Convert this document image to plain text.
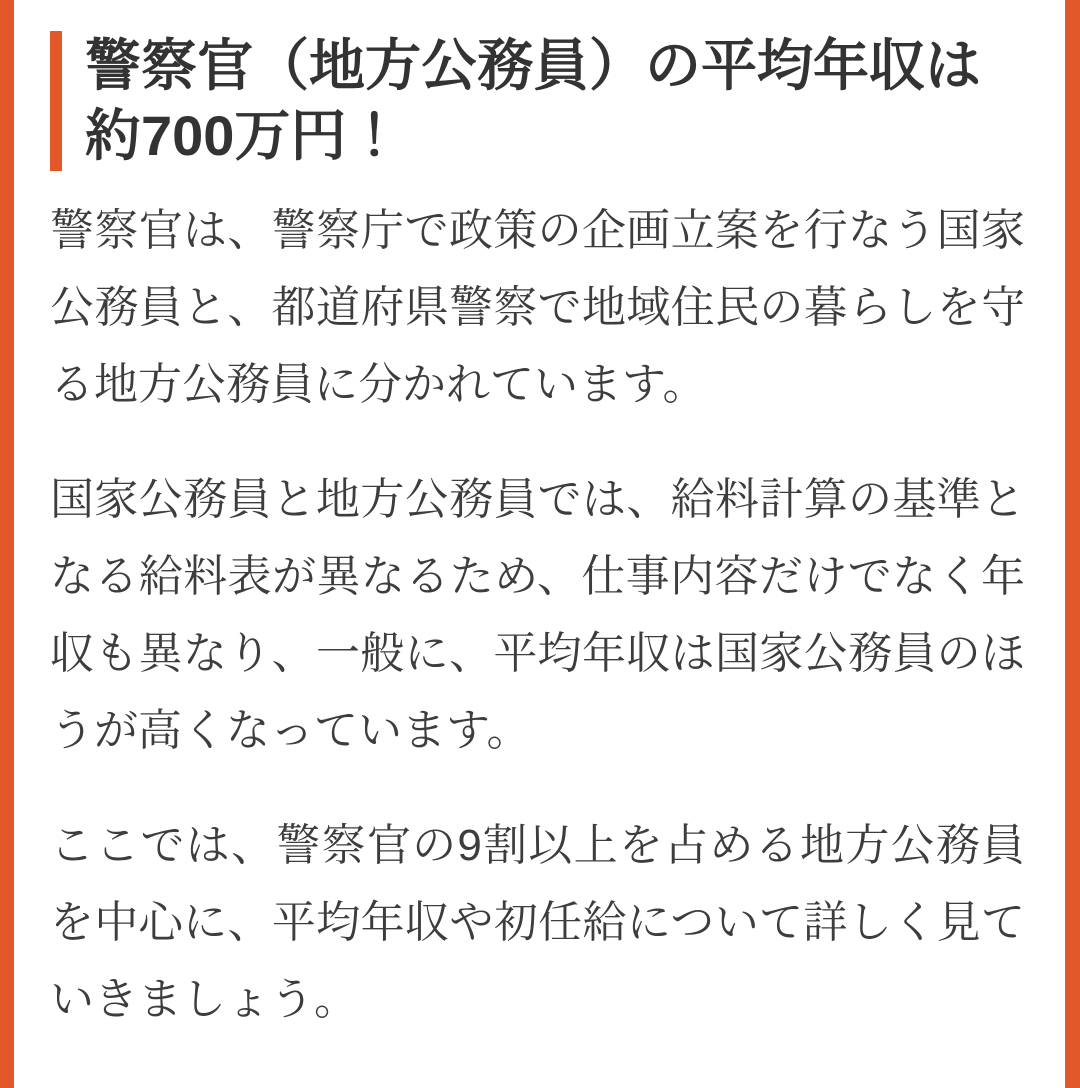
警察官（地方公務員）の平均年収は約700万円！

警察官は、警察庁で政策の企画立案を行なう国家公務員と、都道府県警察で地域住民の暮らしを守る地方公務員に分かれています。

国家公務員と地方公務員では、給料計算の基準となる給料表が異なるため、仕事内容だけでなく年収も異なり、一般に、平均年収は国家公務員のほうが高くなっています。

ここでは、警察官の9割以上を占める地方公務員を中心に、平均年収や初任給について詳しく見ていきましょう。
